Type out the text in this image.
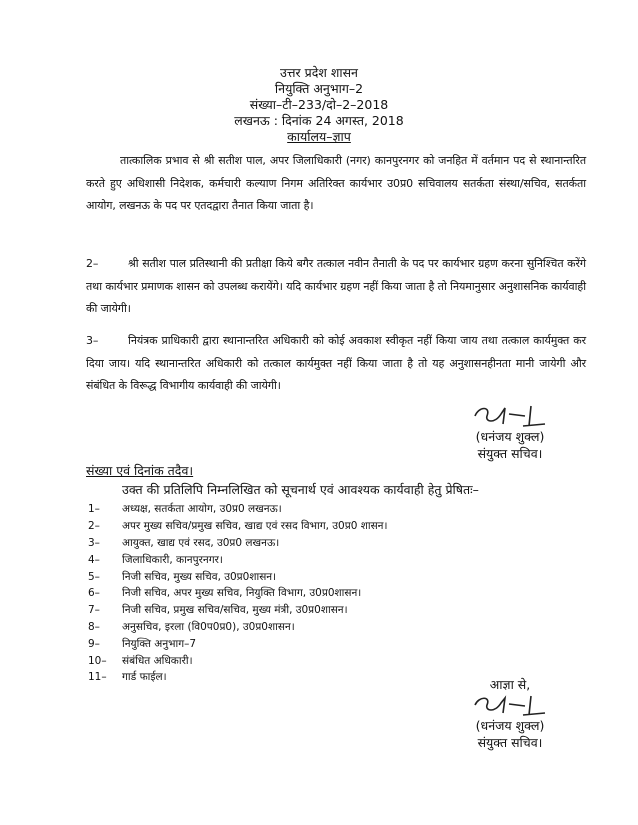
उत्तर प्रदेश शासन
नियुक्ति अनुभाग–2
संख्या–टी–233/दो–2–2018
लखनऊ : दिनांक 24 अगस्त, 2018
कार्यालय–ज्ञाप
तात्कालिक प्रभाव से श्री सतीश पाल, अपर जिलाधिकारी (नगर) कानपुरनगर को जनहित में वर्तमान पद से स्थानान्तरित करते हुए अधिशासी निदेशक, कर्मचारी कल्याण निगम अतिरिक्त कार्यभार उ0प्र0 सचिवालय सतर्कता संस्था/सचिव, सतर्कता आयोग, लखनऊ के पद पर एतदद्वारा तैनात किया जाता है।
2–	श्री सतीश पाल प्रतिस्थानी की प्रतीक्षा किये बगैर तत्काल नवीन तैनाती के पद पर कार्यभार ग्रहण करना सुनिश्चित करेंगे तथा कार्यभार प्रमाणक शासन को उपलब्ध करायेंगे। यदि कार्यभार ग्रहण नहीं किया जाता है तो नियमानुसार अनुशासनिक कार्यवाही की जायेगी।
3–	नियंत्रक प्राधिकारी द्वारा स्थानान्तरित अधिकारी को कोई अवकाश स्वीकृत नहीं किया जाय तथा तत्काल कार्यमुक्त कर दिया जाय। यदि स्थानान्तरित अधिकारी को तत्काल कार्यमुक्त नहीं किया जाता है तो यह अनुशासनहीनता मानी जायेगी और संबंधित के विरूद्ध विभागीय कार्यवाही की जायेगी।
(धनंजय शुक्ल)
संयुक्त सचिव।
संख्या एवं दिनांक तदैव।
उक्त की प्रतिलिपि निम्नलिखित को सूचनार्थ एवं आवश्यक कार्यवाही हेतु प्रेषितः–
1–	अध्यक्ष, सतर्कता आयोग, उ0प्र0 लखनऊ।
2–	अपर मुख्य सचिव/प्रमुख सचिव, खाद्य एवं रसद विभाग, उ0प्र0 शासन।
3–	आयुक्त, खाद्य एवं रसद, उ0प्र0 लखनऊ।
4–	जिलाधिकारी, कानपुरनगर।
5–	निजी सचिव, मुख्य सचिव, उ0प्र0शासन।
6–	निजी सचिव, अपर मुख्य सचिव, नियुक्ति विभाग, उ0प्र0शासन।
7–	निजी सचिव, प्रमुख सचिव/सचिव, मुख्य मंत्री, उ0प्र0शासन।
8–	अनुसचिव, इरला (वि0प0प्र0), उ0प्र0शासन।
9–	नियुक्ति अनुभाग–7
10–	संबंधित अधिकारी।
11–	गार्ड फाईल।	आज्ञा से,
(धनंजय शुक्ल)
संयुक्त सचिव।
